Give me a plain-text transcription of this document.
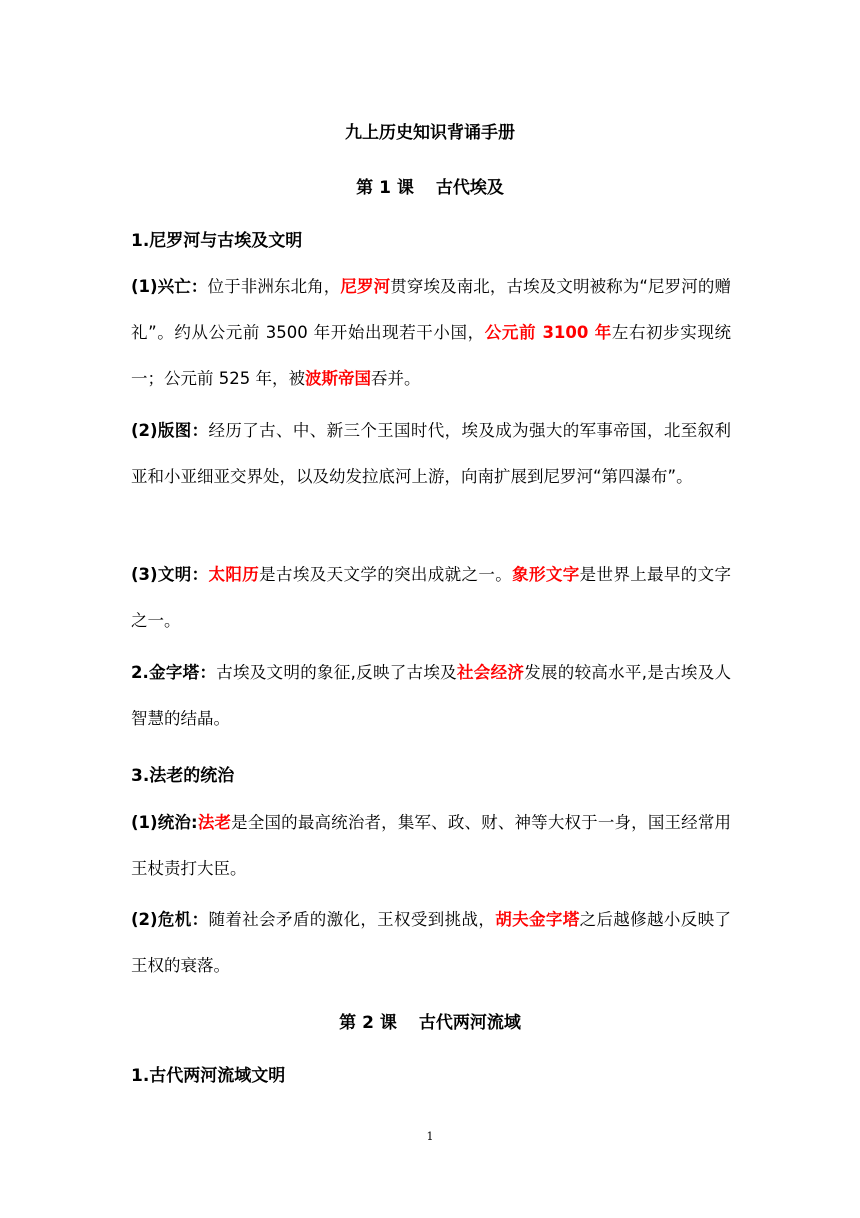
九上历史知识背诵手册
第 1 课 古代埃及
1.尼罗河与古埃及文明
(1)兴亡：位于非洲东北角，尼罗河贯穿埃及南北，古埃及文明被称为“尼罗河的赠礼”。约从公元前 3500 年开始出现若干小国，公元前 3100 年左右初步实现统一；公元前 525 年，被波斯帝国吞并。
(2)版图：经历了古、中、新三个王国时代，埃及成为强大的军事帝国，北至叙利亚和小亚细亚交界处，以及幼发拉底河上游，向南扩展到尼罗河“第四瀑布”。
(3)文明：太阳历是古埃及天文学的突出成就之一。象形文字是世界上最早的文字之一。
2.金字塔：古埃及文明的象征,反映了古埃及社会经济发展的较高水平,是古埃及人智慧的结晶。
3.法老的统治
(1)统治:法老是全国的最高统治者，集军、政、财、神等大权于一身，国王经常用王杖责打大臣。
(2)危机：随着社会矛盾的激化，王权受到挑战，胡夫金字塔之后越修越小反映了王权的衰落。
第 2 课 古代两河流域
1.古代两河流域文明
1
